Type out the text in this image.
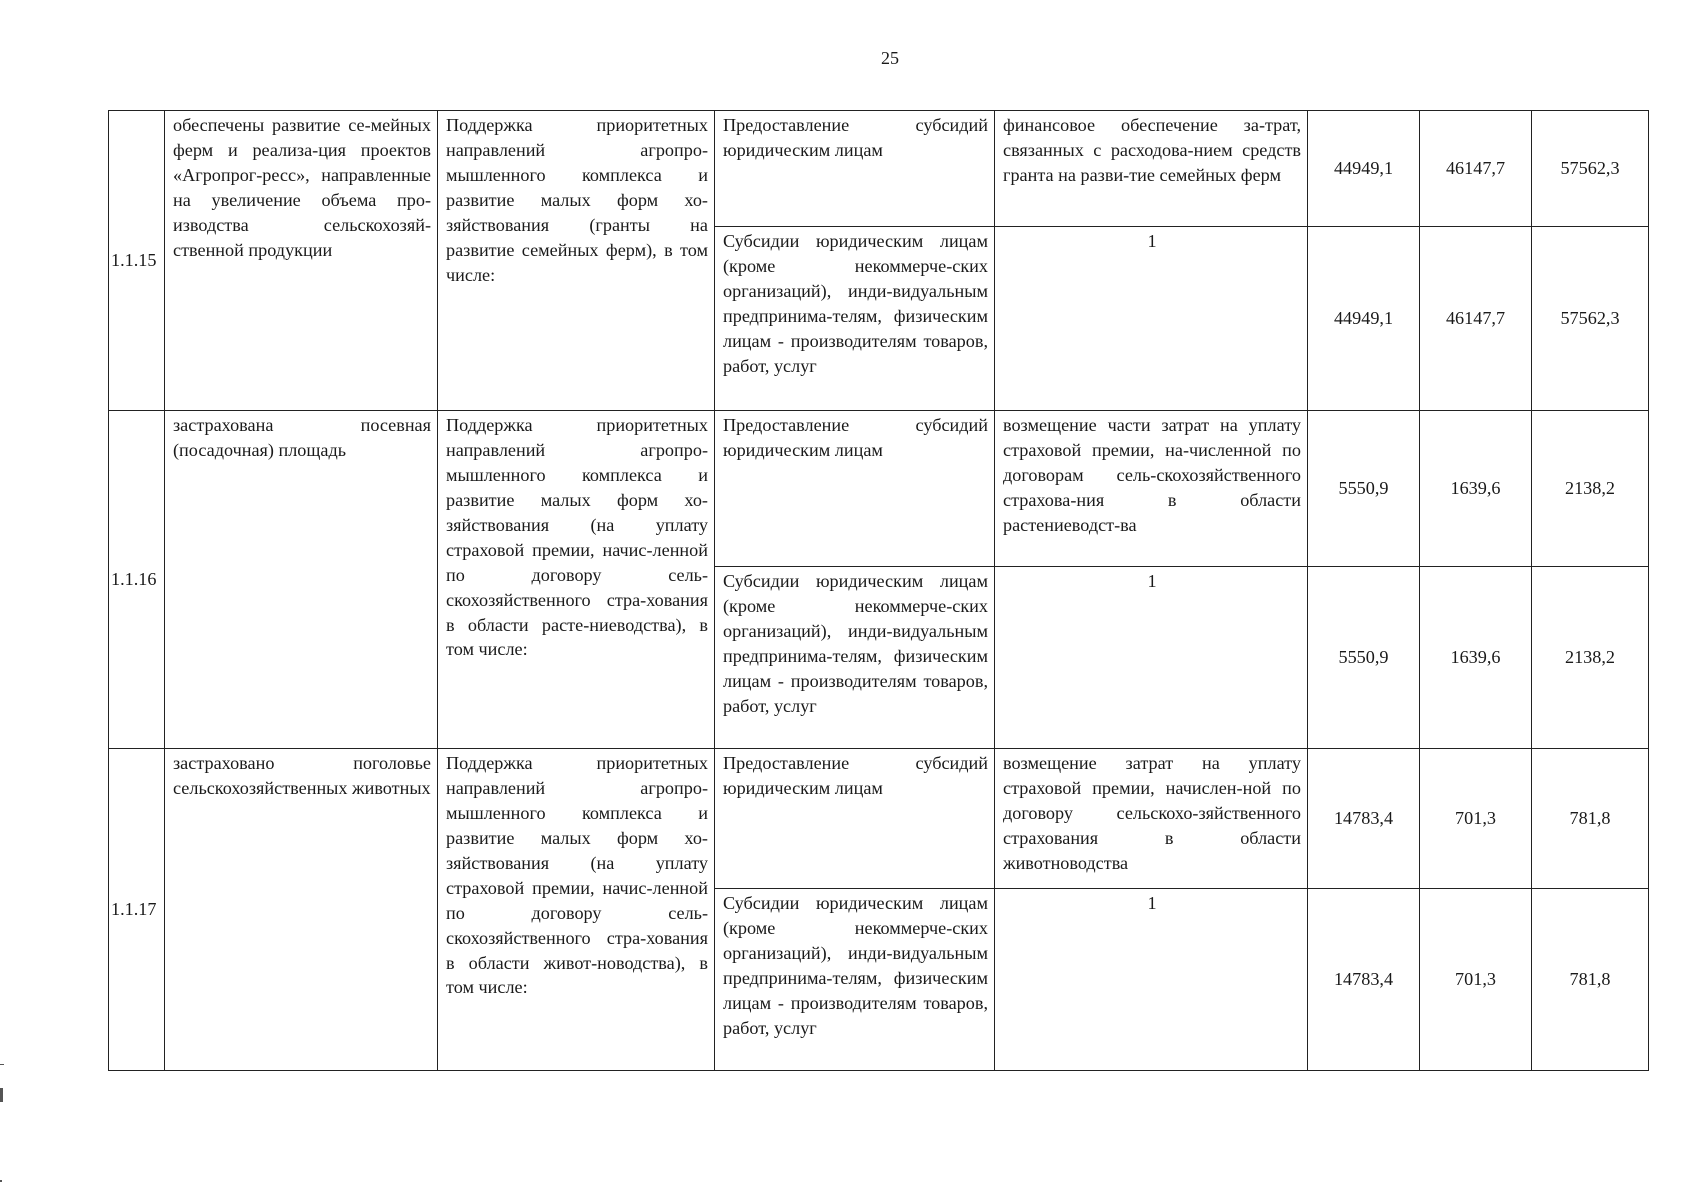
25
1.1.15	обеспечены развитие се-мейных ферм и реализа-ция проектов «Агропрог-ресс», направленные на увеличение объема про-изводства сельскохозяй-ственной продукции	Поддержка приоритетных направлений агропро-мышленного комплекса и развитие малых форм хо-зяйствования (гранты на развитие семейных ферм), в том числе:	Предоставление субсидий юридическим лицам	финансовое обеспечение за-трат, связанных с расходова-нием средств гранта на разви-тие семейных ферм	44949,1	46147,7	57562,3
			Субсидии юридическим лицам (кроме некоммерче-ских организаций), инди-видуальным предпринима-телям, физическим лицам - производителям товаров, работ, услуг	1	44949,1	46147,7	57562,3
1.1.16	застрахована посевная (посадочная) площадь	Поддержка приоритетных направлений агропро-мышленного комплекса и развитие малых форм хо-зяйствования (на уплату страховой премии, начис-ленной по договору сель-скохозяйственного стра-хования в области расте-ниеводства), в том числе:	Предоставление субсидий юридическим лицам	возмещение части затрат на уплату страховой премии, на-численной по договорам сель-скохозяйственного страхова-ния в области растениеводст-ва	5550,9	1639,6	2138,2
			Субсидии юридическим лицам (кроме некоммерче-ских организаций), инди-видуальным предпринима-телям, физическим лицам - производителям товаров, работ, услуг	1	5550,9	1639,6	2138,2
1.1.17	застраховано поголовье сельскохозяйственных животных	Поддержка приоритетных направлений агропро-мышленного комплекса и развитие малых форм хо-зяйствования (на уплату страховой премии, начис-ленной по договору сель-скохозяйственного стра-хования в области живот-новодства), в том числе:	Предоставление субсидий юридическим лицам	возмещение затрат на уплату страховой премии, начислен-ной по договору сельскохо-зяйственного страхования в области животноводства	14783,4	701,3	781,8
			Субсидии юридическим лицам (кроме некоммерче-ских организаций), инди-видуальным предпринима-телям, физическим лицам - производителям товаров, работ, услуг	1	14783,4	701,3	781,8
